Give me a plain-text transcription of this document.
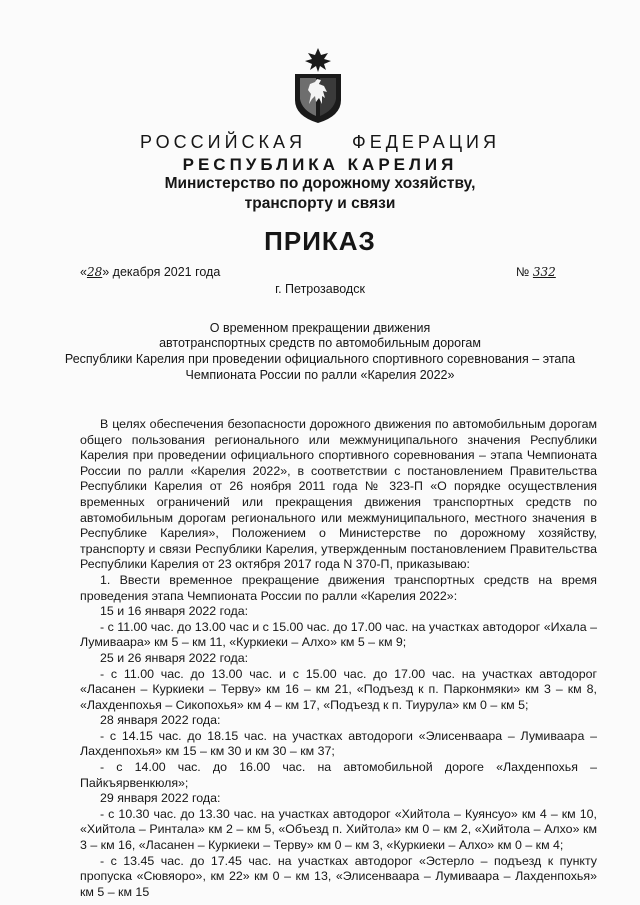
РОССИЙСКАЯ	ФЕДЕРАЦИЯ
РЕСПУБЛИКА КАРЕЛИЯ
Министерство по дорожному хозяйству,
транспорту и связи
ПРИКАЗ
«28» декабря 2021 года	№ 332
г. Петрозаводск
О временном прекращении движения
автотранспортных средств по автомобильным дорогам
Республики Карелия при проведении официального спортивного соревнования – этапа
Чемпионата России по ралли «Карелия 2022»

В целях обеспечения безопасности дорожного движения по автомобильным дорогам общего пользования регионального или межмуниципального значения Республики Карелия при проведении официального спортивного соревнования – этапа Чемпионата России по ралли «Карелия 2022», в соответствии с постановлением Правительства Республики Карелия от 26 ноября 2011 года № 323-П «О порядке осуществления временных ограничений или прекращения движения транспортных средств по автомобильным дорогам регионального или межмуниципального, местного значения в Республике Карелия», Положением о Министерстве по дорожному хозяйству, транспорту и связи Республики Карелия, утвержденным постановлением Правительства Республики Карелия от 23 октября 2017 года N 370-П, приказываю:

1. Ввести временное прекращение движения транспортных средств на время проведения этапа Чемпионата России по ралли «Карелия 2022»:

15 и 16 января 2022 года:

- с 11.00 час. до 13.00 час и с 15.00 час. до 17.00 час. на участках автодорог «Ихала – Лумиваара» км 5 – км 11, «Куркиеки – Алхо» км 5 – км 9;

25 и 26 января 2022 года:

- с 11.00 час. до 13.00 час. и с 15.00 час. до 17.00 час. на участках автодорог «Ласанен – Куркиеки – Терву» км 16 – км 21, «Подъезд к п. Парконмяки» км 3 – км 8, «Лахденпохья – Сикопохья» км 4 – км 17, «Подъезд к п. Тиурула» км 0 – км 5;

28 января 2022 года:

- с 14.15 час. до 18.15 час. на участках автодороги «Элисенваара – Лумиваара – Лахденпохья» км 15 – км 30 и км 30 – км 37;

- с 14.00 час. до 16.00 час. на автомобильной дороге «Лахденпохья – Пайкъярвенкюля»;

29 января 2022 года:

- с 10.30 час. до 13.30 час. на участках автодорог «Хийтола – Куянсуо» км 4 – км 10, «Хийтола – Ринтала» км 2 – км 5, «Объезд п. Хийтола» км 0 – км 2, «Хийтола – Алхо» км 3 – км 16, «Ласанен – Куркиеки – Терву» км 0 – км 3, «Куркиеки – Алхо» км 0 – км 4;

- с 13.45 час. до 17.45 час. на участках автодорог «Эстерло – подъезд к пункту пропуска «Сювяоро», км 22» км 0 – км 13, «Элисенваара – Лумиваара – Лахденпохья» км 5 – км 15
